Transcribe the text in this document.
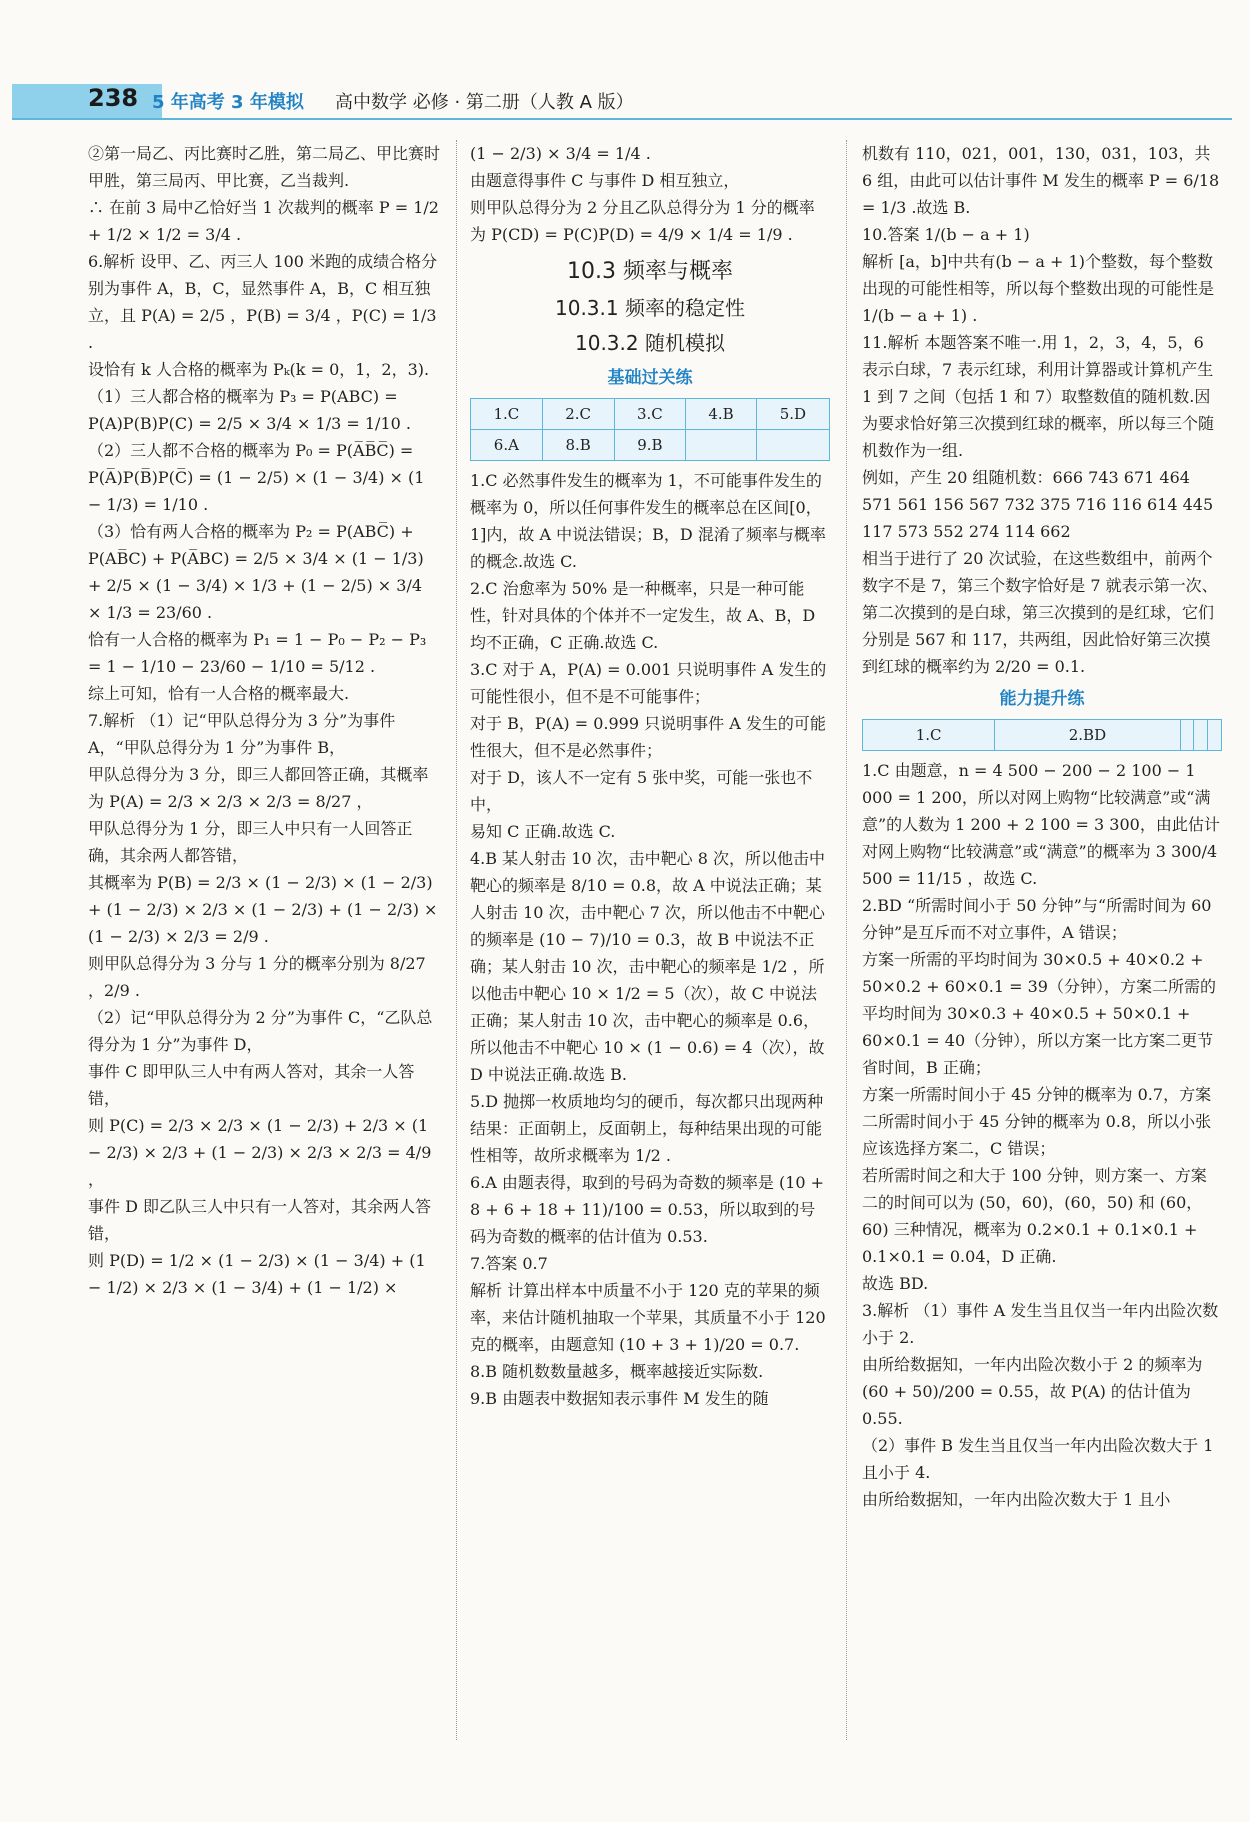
238 5 年高考 3 年模拟 高中数学 必修 · 第二册（人教 A 版）

②第一局乙、丙比赛时乙胜，第二局乙、甲比赛时甲胜，第三局丙、甲比赛，乙当裁判.

∴ 在前 3 局中乙恰好当 1 次裁判的概率 P = 1/2 + 1/2 × 1/2 = 3/4 .

6.解析 设甲、乙、丙三人 100 米跑的成绩合格分别为事件 A，B，C，显然事件 A，B，C 相互独立，且 P(A) = 2/5 ，P(B) = 3/4 ，P(C) = 1/3 .

设恰有 k 人合格的概率为 Pₖ(k = 0，1，2，3).

（1）三人都合格的概率为 P₃ = P(ABC) = P(A)P(B)P(C) = 2/5 × 3/4 × 1/3 = 1/10 .

（2）三人都不合格的概率为 P₀ = P(A̅B̅C̅) = P(A̅)P(B̅)P(C̅) = (1 − 2/5) × (1 − 3/4) × (1 − 1/3) = 1/10 .

（3）恰有两人合格的概率为 P₂ = P(ABC̅) + P(AB̅C) + P(A̅BC) = 2/5 × 3/4 × (1 − 1/3) + 2/5 × (1 − 3/4) × 1/3 + (1 − 2/5) × 3/4 × 1/3 = 23/60 .

恰有一人合格的概率为 P₁ = 1 − P₀ − P₂ − P₃ = 1 − 1/10 − 23/60 − 1/10 = 5/12 .

综上可知，恰有一人合格的概率最大.

7.解析 （1）记“甲队总得分为 3 分”为事件 A，“甲队总得分为 1 分”为事件 B，

甲队总得分为 3 分，即三人都回答正确，其概率为 P(A) = 2/3 × 2/3 × 2/3 = 8/27 ，

甲队总得分为 1 分，即三人中只有一人回答正确，其余两人都答错，

其概率为 P(B) = 2/3 × (1 − 2/3) × (1 − 2/3) + (1 − 2/3) × 2/3 × (1 − 2/3) + (1 − 2/3) × (1 − 2/3) × 2/3 = 2/9 .

则甲队总得分为 3 分与 1 分的概率分别为 8/27 ，2/9 .

（2）记“甲队总得分为 2 分”为事件 C，“乙队总得分为 1 分”为事件 D，

事件 C 即甲队三人中有两人答对，其余一人答错，

则 P(C) = 2/3 × 2/3 × (1 − 2/3) + 2/3 × (1 − 2/3) × 2/3 + (1 − 2/3) × 2/3 × 2/3 = 4/9 ，

事件 D 即乙队三人中只有一人答对，其余两人答错，

则 P(D) = 1/2 × (1 − 2/3) × (1 − 3/4) + (1 − 1/2) × 2/3 × (1 − 3/4) + (1 − 1/2) ×

(1 − 2/3) × 3/4 = 1/4 .

由题意得事件 C 与事件 D 相互独立，

则甲队总得分为 2 分且乙队总得分为 1 分的概率为 P(CD) = P(C)P(D) = 4/9 × 1/4 = 1/9 .

10.3 频率与概率
10.3.1 频率的稳定性
10.3.2 随机模拟
基础过关练
1.C	2.C	3.C	4.B	5.D
6.A	8.B	9.B		

1.C 必然事件发生的概率为 1，不可能事件发生的概率为 0，所以任何事件发生的概率总在区间[0，1]内，故 A 中说法错误；B，D 混淆了频率与概率的概念.故选 C.

2.C 治愈率为 50% 是一种概率，只是一种可能性，针对具体的个体并不一定发生，故 A、B，D 均不正确，C 正确.故选 C.

3.C 对于 A，P(A) = 0.001 只说明事件 A 发生的可能性很小，但不是不可能事件；

对于 B，P(A) = 0.999 只说明事件 A 发生的可能性很大，但不是必然事件；

对于 D，该人不一定有 5 张中奖，可能一张也不中，

易知 C 正确.故选 C.

4.B 某人射击 10 次，击中靶心 8 次，所以他击中靶心的频率是 8/10 = 0.8，故 A 中说法正确；某人射击 10 次，击中靶心 7 次，所以他击不中靶心的频率是 (10 − 7)/10 = 0.3，故 B 中说法不正确；某人射击 10 次，击中靶心的频率是 1/2 ，所以他击中靶心 10 × 1/2 = 5（次），故 C 中说法正确；某人射击 10 次，击中靶心的频率是 0.6，所以他击不中靶心 10 × (1 − 0.6) = 4（次），故 D 中说法正确.故选 B.

5.D 抛掷一枚质地均匀的硬币，每次都只出现两种结果：正面朝上，反面朝上，每种结果出现的可能性相等，故所求概率为 1/2 .

6.A 由题表得，取到的号码为奇数的频率是 (10 + 8 + 6 + 18 + 11)/100 = 0.53，所以取到的号码为奇数的概率的估计值为 0.53.

7.答案 0.7

解析 计算出样本中质量不小于 120 克的苹果的频率，来估计随机抽取一个苹果，其质量不小于 120 克的概率，由题意知 (10 + 3 + 1)/20 = 0.7.

8.B 随机数数量越多，概率越接近实际数.

9.B 由题表中数据知表示事件 M 发生的随

机数有 110，021，001，130，031，103，共 6 组，由此可以估计事件 M 发生的概率 P = 6/18 = 1/3 .故选 B.

10.答案 1/(b − a + 1)

解析 [a，b]中共有(b − a + 1)个整数，每个整数出现的可能性相等，所以每个整数出现的可能性是 1/(b − a + 1) .

11.解析 本题答案不唯一.用 1，2，3，4，5，6 表示白球，7 表示红球，利用计算器或计算机产生 1 到 7 之间（包括 1 和 7）取整数值的随机数.因为要求恰好第三次摸到红球的概率，所以每三个随机数作为一组.

例如，产生 20 组随机数：666 743 671 464 571 561 156 567 732 375 716 116 614 445 117 573 552 274 114 662

相当于进行了 20 次试验，在这些数组中，前两个数字不是 7，第三个数字恰好是 7 就表示第一次、第二次摸到的是白球，第三次摸到的是红球，它们分别是 567 和 117，共两组，因此恰好第三次摸到红球的概率约为 2/20 = 0.1.

能力提升练
1.C	2.BD			

1.C 由题意，n = 4 500 − 200 − 2 100 − 1 000 = 1 200，所以对网上购物“比较满意”或“满意”的人数为 1 200 + 2 100 = 3 300，由此估计对网上购物“比较满意”或“满意”的概率为 3 300/4 500 = 11/15 ，故选 C.

2.BD “所需时间小于 50 分钟”与“所需时间为 60 分钟”是互斥而不对立事件，A 错误；

方案一所需的平均时间为 30×0.5 + 40×0.2 + 50×0.2 + 60×0.1 = 39（分钟），方案二所需的平均时间为 30×0.3 + 40×0.5 + 50×0.1 + 60×0.1 = 40（分钟），所以方案一比方案二更节省时间，B 正确；

方案一所需时间小于 45 分钟的概率为 0.7，方案二所需时间小于 45 分钟的概率为 0.8，所以小张应该选择方案二，C 错误；

若所需时间之和大于 100 分钟，则方案一、方案二的时间可以为 (50，60)，(60，50) 和 (60，60) 三种情况，概率为 0.2×0.1 + 0.1×0.1 + 0.1×0.1 = 0.04，D 正确.

故选 BD.

3.解析 （1）事件 A 发生当且仅当一年内出险次数小于 2.

由所给数据知，一年内出险次数小于 2 的频率为 (60 + 50)/200 = 0.55，故 P(A) 的估计值为 0.55.

（2）事件 B 发生当且仅当一年内出险次数大于 1 且小于 4.

由所给数据知，一年内出险次数大于 1 且小
